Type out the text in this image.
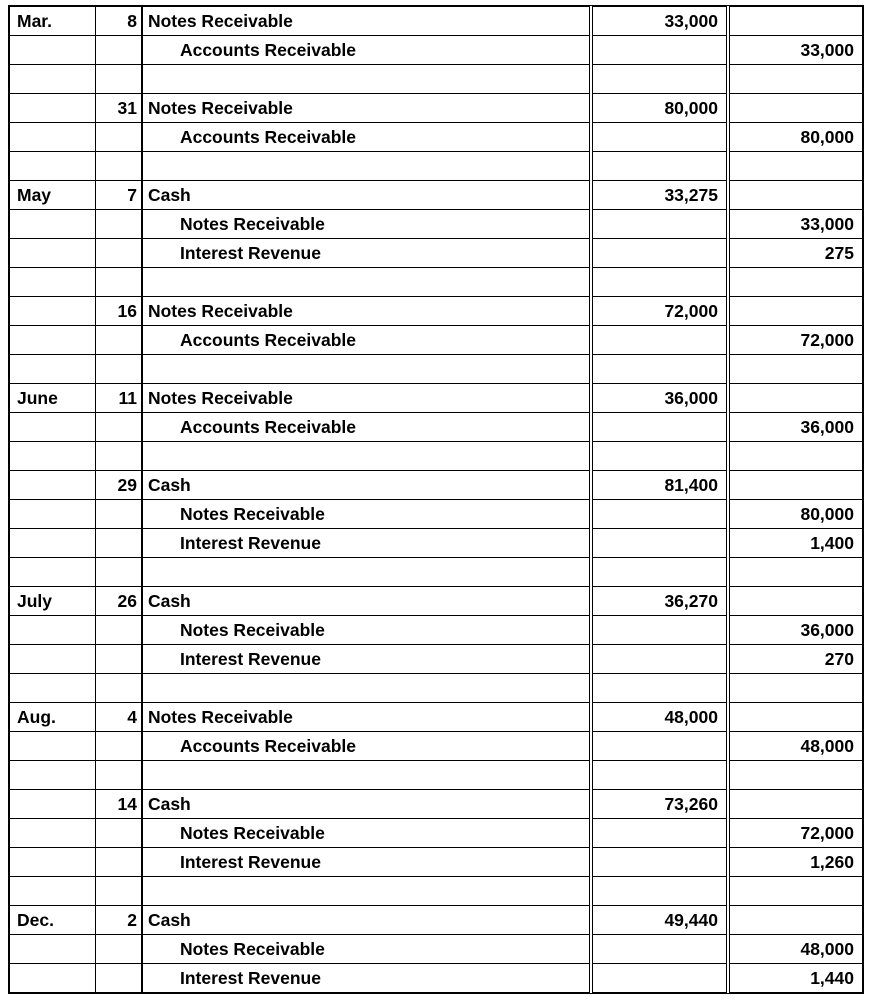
Mar.	8	Notes Receivable	33,000	
		Accounts Receivable		33,000

	31	Notes Receivable	80,000	
		Accounts Receivable		80,000

May	7	Cash	33,275	
		Notes Receivable		33,000
		Interest Revenue		275

	16	Notes Receivable	72,000	
		Accounts Receivable		72,000

June	11	Notes Receivable	36,000	
		Accounts Receivable		36,000

	29	Cash	81,400	
		Notes Receivable		80,000
		Interest Revenue		1,400

July	26	Cash	36,270	
		Notes Receivable		36,000
		Interest Revenue		270

Aug.	4	Notes Receivable	48,000	
		Accounts Receivable		48,000

	14	Cash	73,260	
		Notes Receivable		72,000
		Interest Revenue		1,260

Dec.	2	Cash	49,440	
		Notes Receivable		48,000
		Interest Revenue		1,440
